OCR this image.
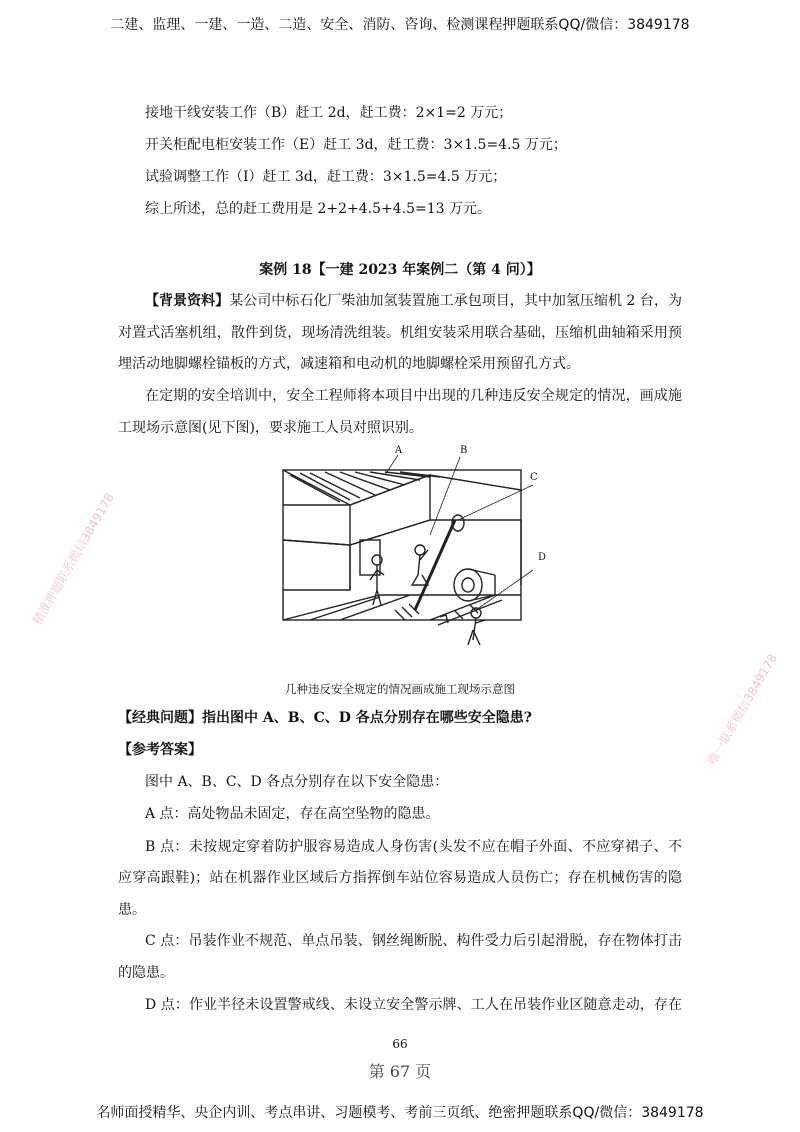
二建、监理、一建、一造、二造、安全、消防、咨询、检测课程押题联系QQ/微信：3849178
接地干线安装工作（B）赶工 2d，赶工费：2×1=2 万元；
开关柜配电柜安装工作（E）赶工 3d，赶工费：3×1.5=4.5 万元；
试验调整工作（I）赶工 3d，赶工费：3×1.5=4.5 万元；
综上所述，总的赶工费用是 2+2+4.5+4.5=13 万元。
案例 18【一建 2023 年案例二（第 4 问）】
【背景资料】某公司中标石化厂柴油加氢装置施工承包项目，其中加氢压缩机 2 台，为
对置式活塞机组，散件到货，现场清洗组装。机组安装采用联合基础，压缩机曲轴箱采用预
埋活动地脚螺栓锚板的方式，减速箱和电动机的地脚螺栓采用预留孔方式。
在定期的安全培训中，安全工程师将本项目中出现的几种违反安全规定的情况，画成施
工现场示意图(见下图)，要求施工人员对照识别。
A	B
C
D
几种违反安全规定的情况画成施工现场示意图
【经典问题】指出图中 A、B、C、D 各点分别存在哪些安全隐患?
【参考答案】
图中 A、B、C、D 各点分别存在以下安全隐患：
A 点：高处物品未固定，存在高空坠物的隐患。
B 点：未按规定穿着防护服容易造成人身伤害(头发不应在帽子外面、不应穿裙子、不
应穿高跟鞋)；站在机器作业区域后方指挥倒车站位容易造成人员伤亡；存在机械伤害的隐
患。
C 点：吊装作业不规范、单点吊装、钢丝绳断脱、构件受力后引起滑脱，存在物体打击
的隐患。
D 点：作业半径未设置警戒线、未设立安全警示牌、工人在吊装作业区随意走动，存在
66
第 67 页
名师面授精华、央企内训、考点串讲、习题模考、考前三页纸、绝密押题联系QQ/微信：3849178
精准押题联系微信3849178
唯一联系微信3849178
